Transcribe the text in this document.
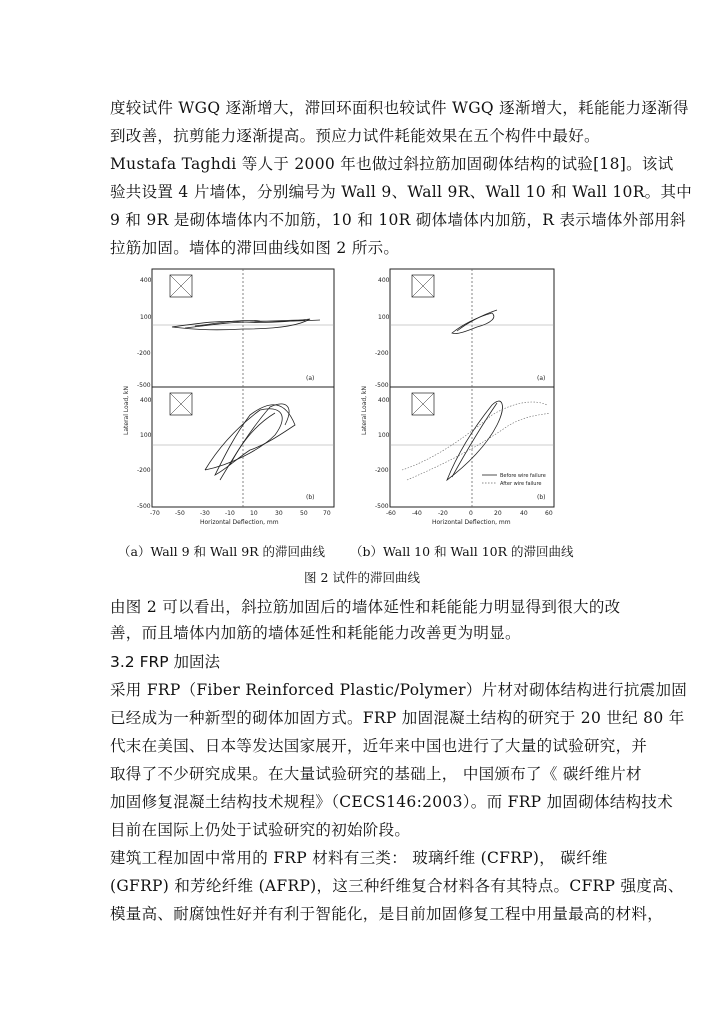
度较试件 WGQ 逐渐增大，滞回环面积也较试件 WGQ 逐渐增大，耗能能力逐渐得
到改善，抗剪能力逐渐提高。预应力试件耗能效果在五个构件中最好。
Mustafa Taghdi 等人于 2000 年也做过斜拉筋加固砌体结构的试验[18]。该试
验共设置 4 片墙体，分别编号为 Wall 9、Wall 9R、Wall 10 和 Wall 10R。其中
9 和 9R 是砌体墙体内不加筋，10 和 10R 砌体墙体内加筋，R 表示墙体外部用斜
拉筋加固。墙体的滞回曲线如图 2 所示。
400
100
-200
-500
400
100
-200
-500
-70	-50	-30	-10	10	30	50	70
Horizontal Deflection, mm
(a)
(b)
Lateral Load, kN
Before wire failure
After wire failure
400
100
-200
-500
400
100
-200
-500
-60	-40	-20	0	20	40	60
Horizontal Deflection, mm
(a)
(b)
Lateral Load, kN
（a）Wall 9 和 Wall 9R 的滞回曲线 （b）Wall 10 和 Wall 10R 的滞回曲线
图 2 试件的滞回曲线
由图 2 可以看出，斜拉筋加固后的墙体延性和耗能能力明显得到很大的改
善，而且墙体内加筋的墙体延性和耗能能力改善更为明显。
3.2 FRP 加固法
采用 FRP（Fiber Reinforced Plastic/Polymer）片材对砌体结构进行抗震加固
已经成为一种新型的砌体加固方式。FRP 加固混凝土结构的研究于 20 世纪 80 年
代末在美国、日本等发达国家展开，近年来中国也进行了大量的试验研究，并
取得了不少研究成果。在大量试验研究的基础上， 中国颁布了《 碳纤维片材
加固修复混凝土结构技术规程》（CECS146:2003）。而 FRP 加固砌体结构技术
目前在国际上仍处于试验研究的初始阶段。
建筑工程加固中常用的 FRP 材料有三类： 玻璃纤维 (CFRP)， 碳纤维
(GFRP) 和芳纶纤维 (AFRP)，这三种纤维复合材料各有其特点。CFRP 强度高、
模量高、耐腐蚀性好并有利于智能化，是目前加固修复工程中用量最高的材料，
